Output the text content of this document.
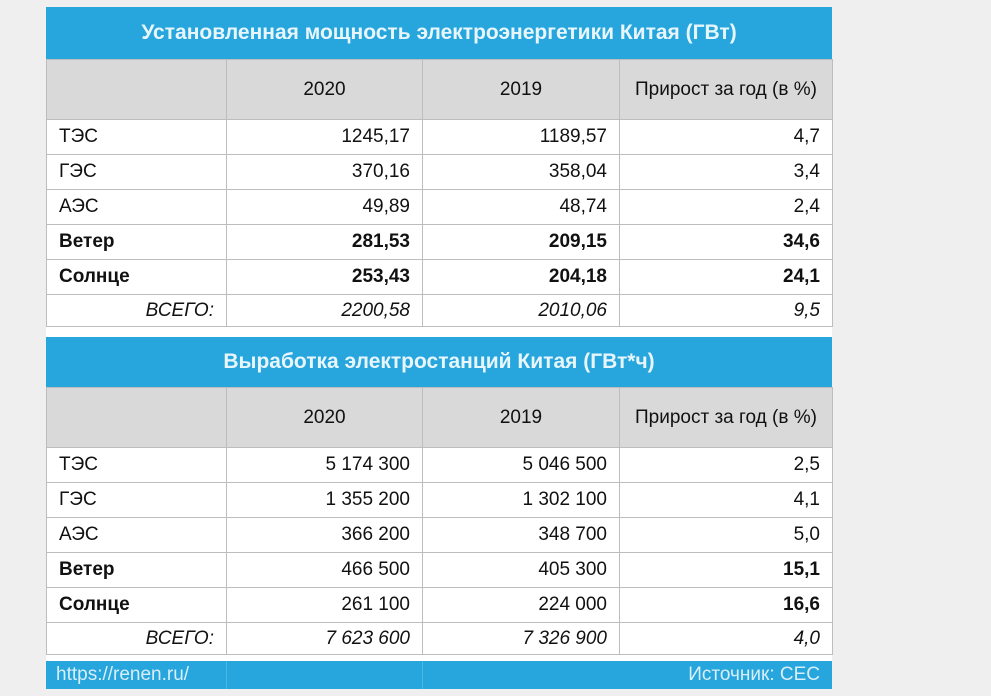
Установленная мощность электроэнергетики Китая (ГВт)
	2020	2019	Прирост за год (в %)
ТЭС	1245,17	1189,57	4,7
ГЭС	370,16	358,04	3,4
АЭС	49,89	48,74	2,4
Ветер	281,53	209,15	34,6
Солнце	253,43	204,18	24,1
ВСЕГО:	2200,58	2010,06	9,5
Выработка электростанций Китая (ГВт*ч)
	2020	2019	Прирост за год (в %)
ТЭС	5 174 300	5 046 500	2,5
ГЭС	1 355 200	1 302 100	4,1
АЭС	366 200	348 700	5,0
Ветер	466 500	405 300	15,1
Солнце	261 100	224 000	16,6
ВСЕГО:	7 623 600	7 326 900	4,0
https://renen.ru/	Источник: CEC
